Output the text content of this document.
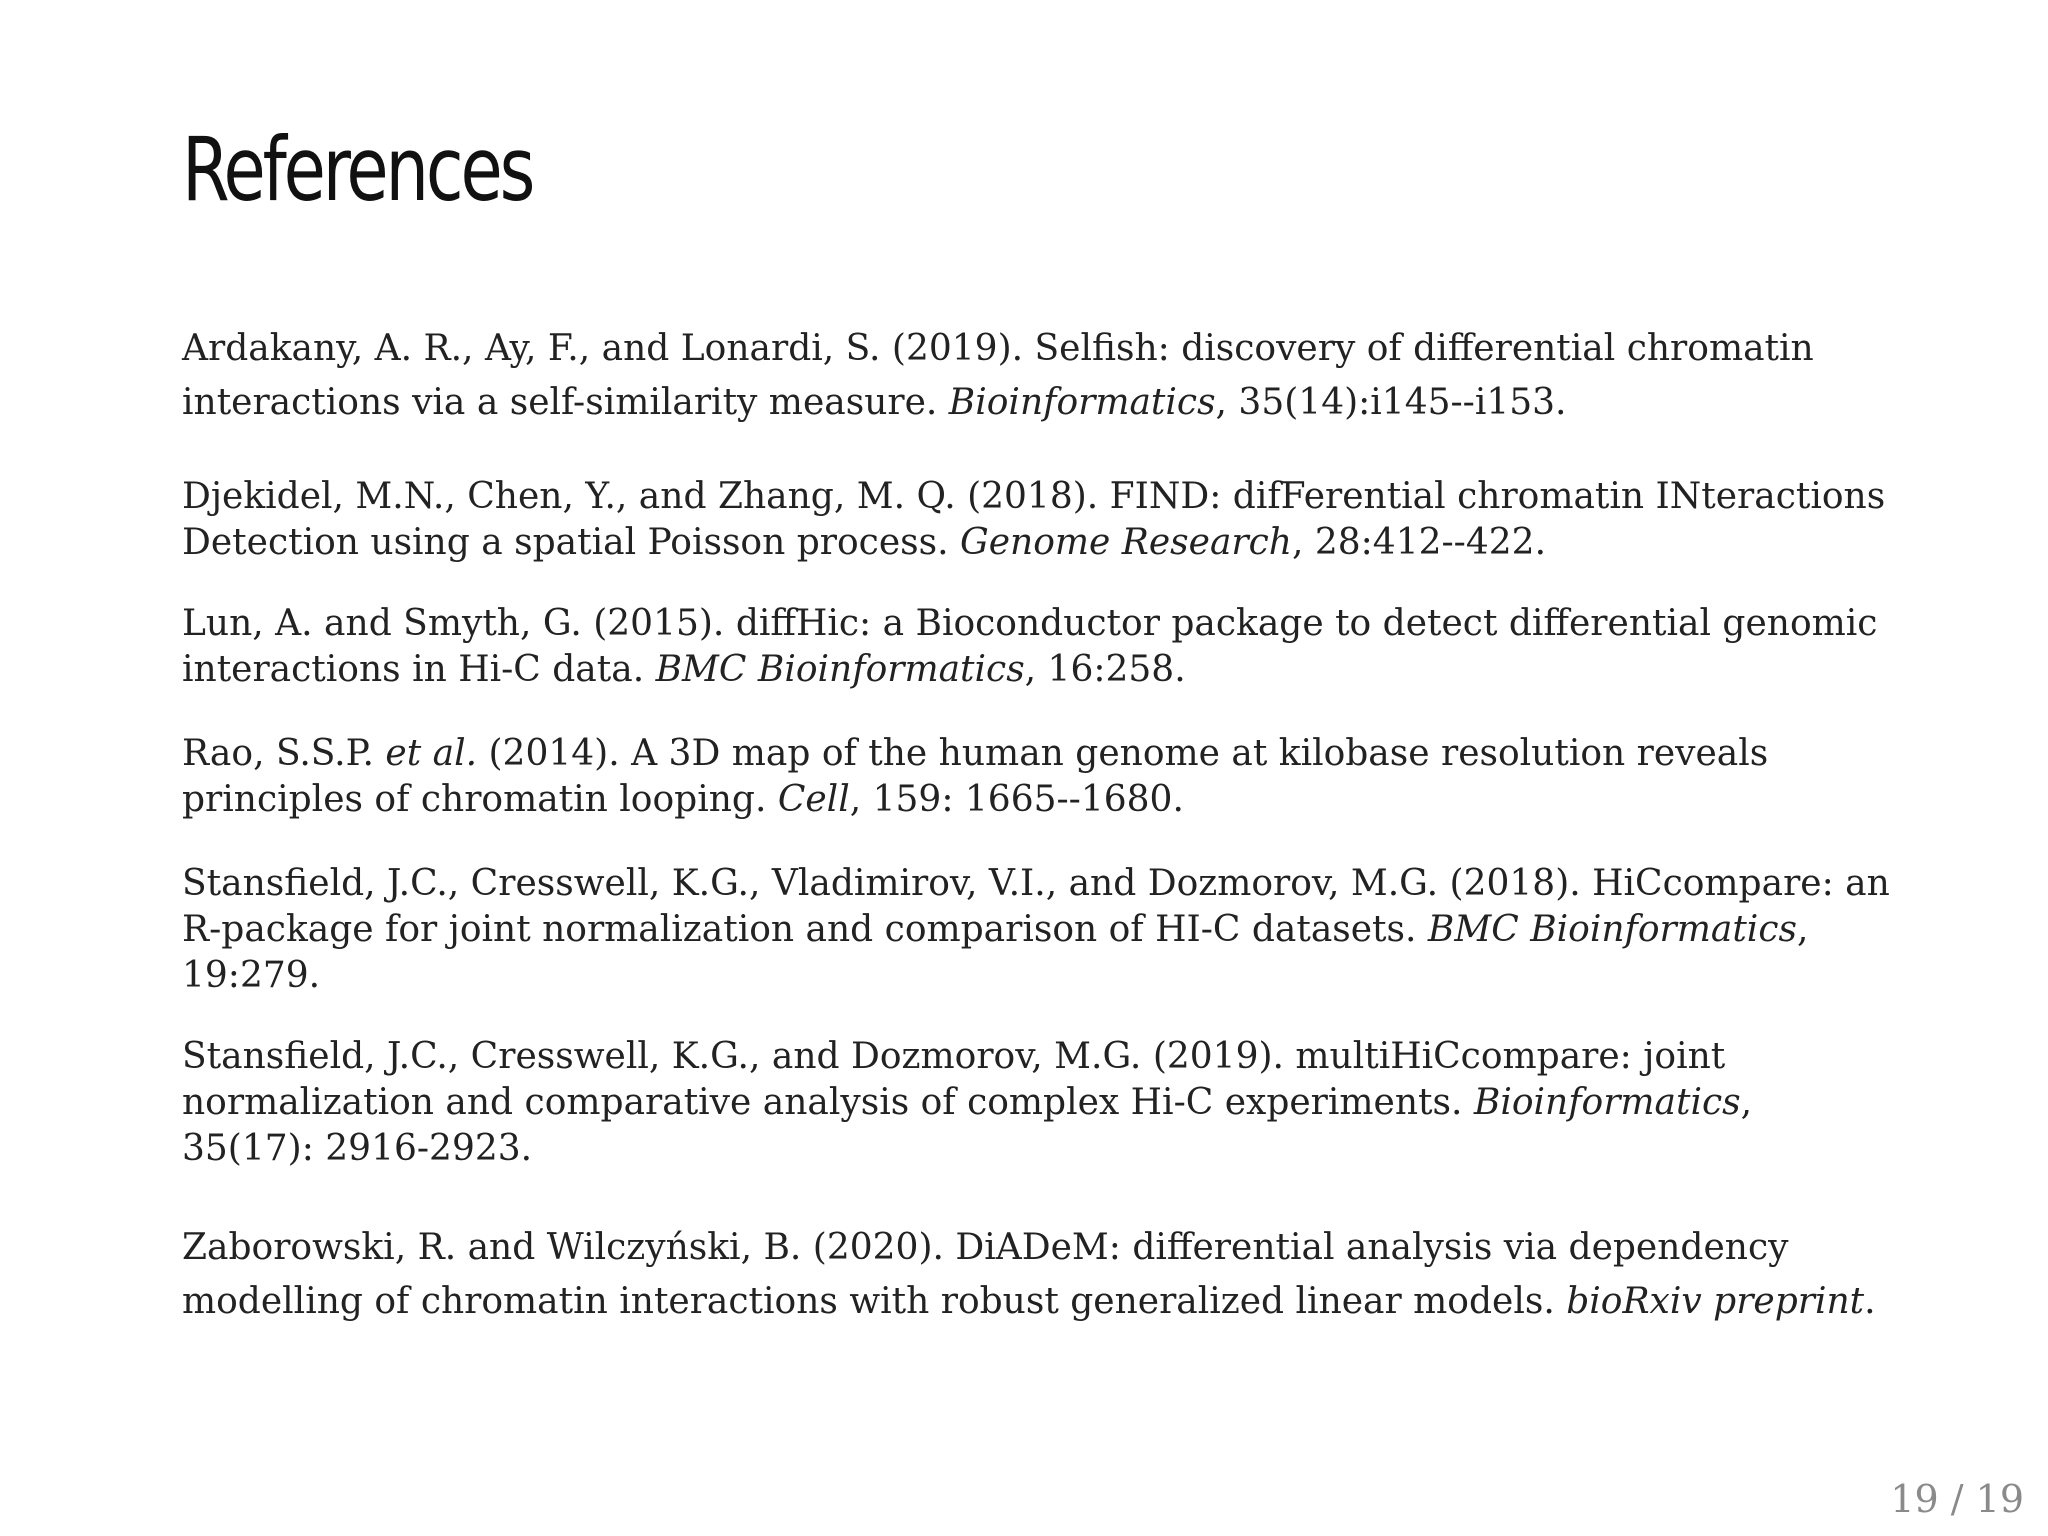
References

Ardakany, A. R., Ay, F., and Lonardi, S. (2019). Selfish: discovery of differential chromatin
interactions via a self-similarity measure. Bioinformatics, 35(14):i145--i153.

Djekidel, M.N., Chen, Y., and Zhang, M. Q. (2018). FIND: difFerential chromatin INteractions
Detection using a spatial Poisson process. Genome Research, 28:412--422.

Lun, A. and Smyth, G. (2015). diffHic: a Bioconductor package to detect differential genomic
interactions in Hi-C data. BMC Bioinformatics, 16:258.

Rao, S.S.P. et al. (2014). A 3D map of the human genome at kilobase resolution reveals
principles of chromatin looping. Cell, 159: 1665--1680.

Stansfield, J.C., Cresswell, K.G., Vladimirov, V.I., and Dozmorov, M.G. (2018). HiCcompare: an
R-package for joint normalization and comparison of HI-C datasets. BMC Bioinformatics,
19:279.

Stansfield, J.C., Cresswell, K.G., and Dozmorov, M.G. (2019). multiHiCcompare: joint
normalization and comparative analysis of complex Hi-C experiments. Bioinformatics,
35(17): 2916-2923.

Zaborowski, R. and Wilczyński, B. (2020). DiADeM: differential analysis via dependency
modelling of chromatin interactions with robust generalized linear models. bioRxiv preprint.

19 / 19
